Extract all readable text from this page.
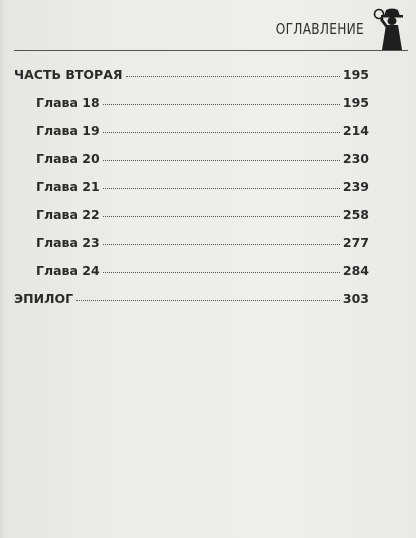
ОГЛАВЛЕНИЕ
ЧАСТЬ ВТОРАЯ	195
Глава 18	195
Глава 19	214
Глава 20	230
Глава 21	239
Глава 22	258
Глава 23	277
Глава 24	284
ЭПИЛОГ	303
